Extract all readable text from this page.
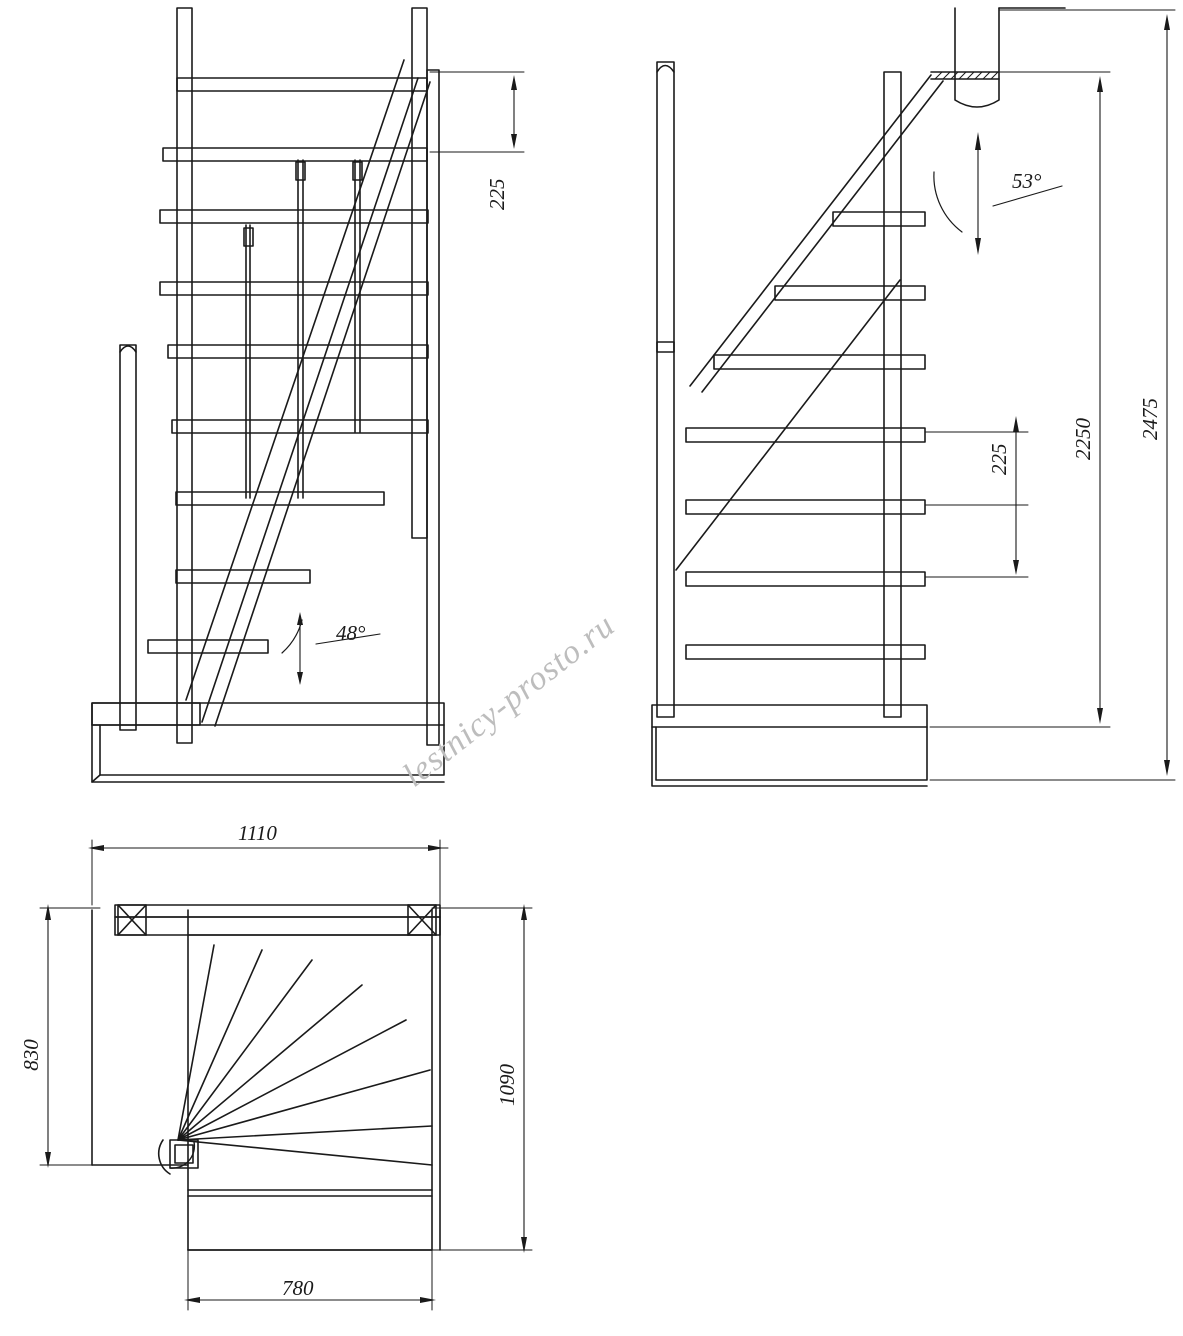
225
48°
53°
225	2250 2475
1110
830
1090
780
lestnicy-prosto.ru
